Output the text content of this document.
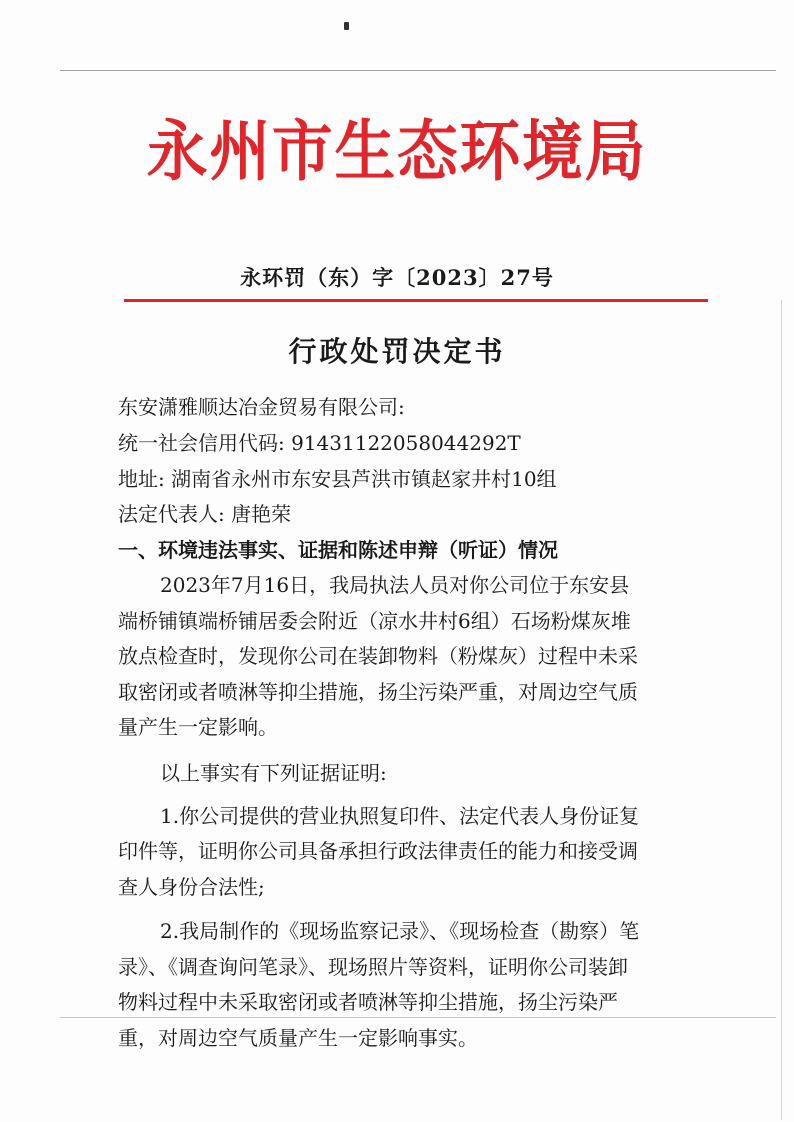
永州市生态环境局
永环罚（东）字〔2023〕27号
行政处罚决定书
东安潇雅顺达冶金贸易有限公司:
统一社会信用代码: 91431122058044292T
地址: 湖南省永州市东安县芦洪市镇赵家井村10组
法定代表人: 唐艳荣
一、环境违法事实、证据和陈述申辩（听证）情况
2023年7月16日，我局执法人员对你公司位于东安县
端桥铺镇端桥铺居委会附近（凉水井村6组）石场粉煤灰堆
放点检查时，发现你公司在装卸物料（粉煤灰）过程中未采
取密闭或者喷淋等抑尘措施，扬尘污染严重，对周边空气质
量产生一定影响。
以上事实有下列证据证明:
1.你公司提供的营业执照复印件、法定代表人身份证复
印件等，证明你公司具备承担行政法律责任的能力和接受调
查人身份合法性;
2.我局制作的《现场监察记录》、《现场检查（勘察）笔
录》、《调查询问笔录》、现场照片等资料，证明你公司装卸
物料过程中未采取密闭或者喷淋等抑尘措施，扬尘污染严
重，对周边空气质量产生一定影响事实。
